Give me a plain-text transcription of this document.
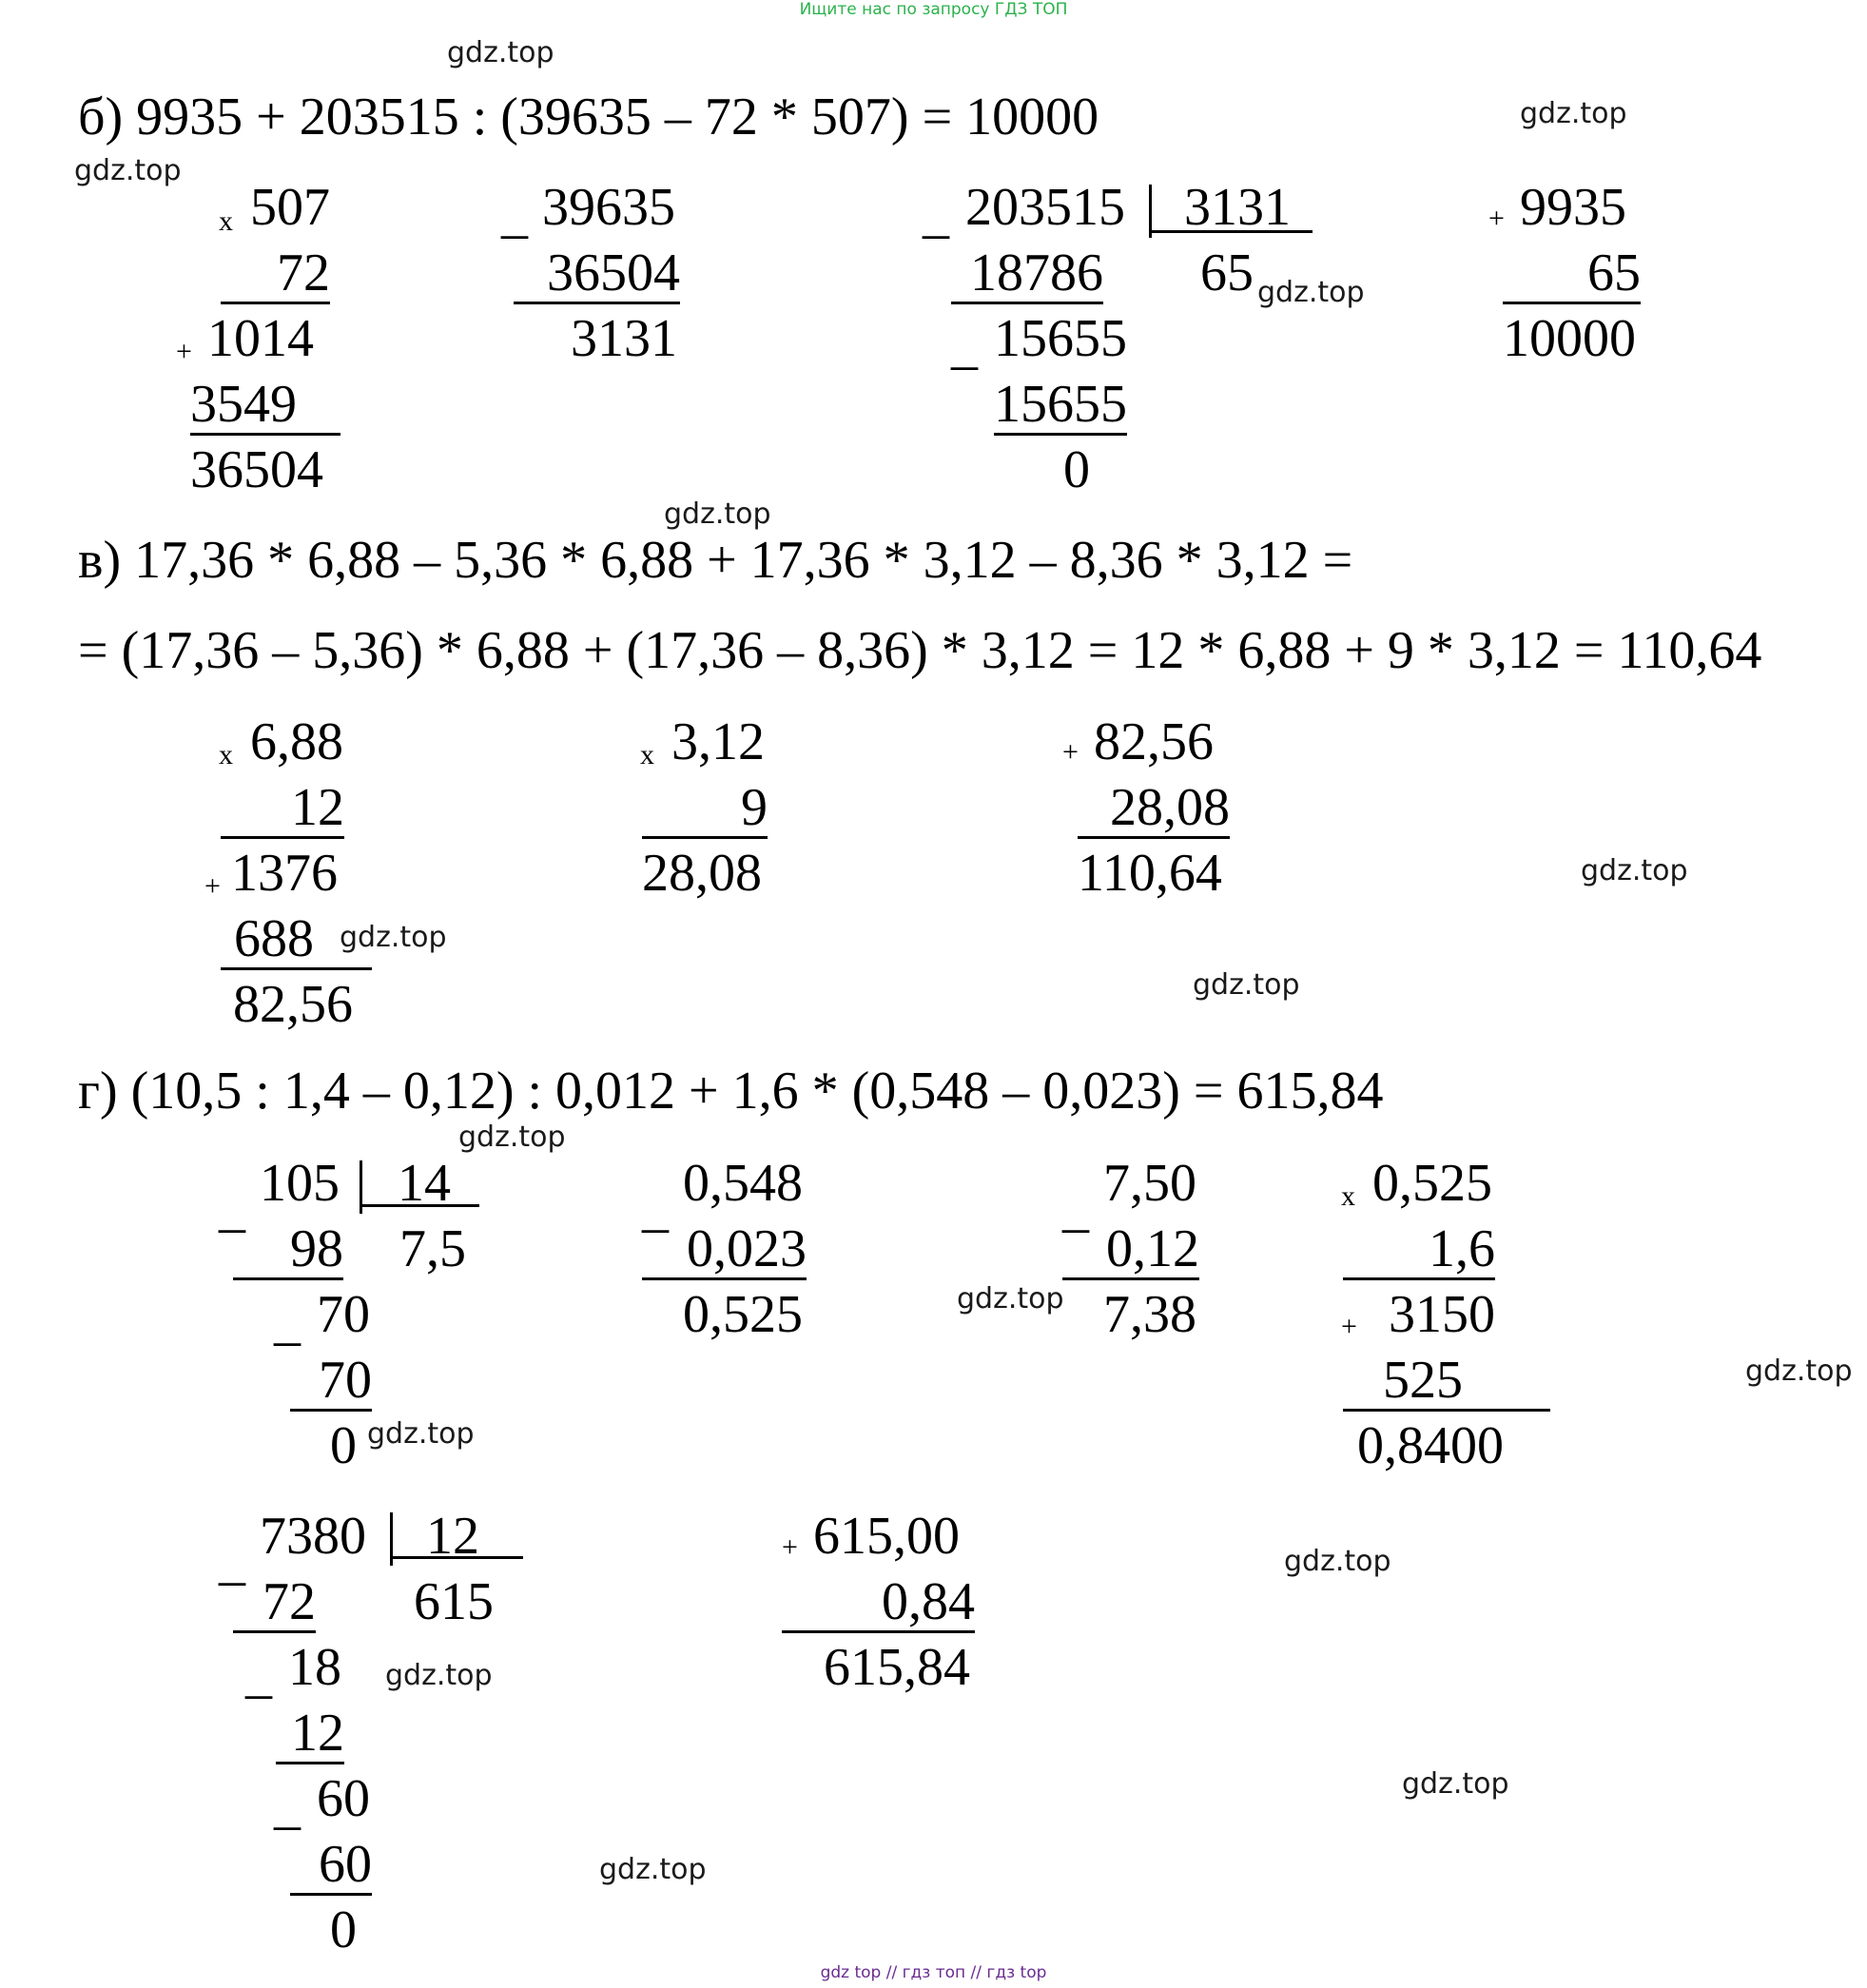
Ищите нас по запросу ГДЗ ТОП
б) 9935 + 203515 : (39635 – 72 * 507) = 10000
x 507
72
+ 1014
3549
36504
_ 39635
36504
3131
_ 203515 3131
18786 65
_ 15655
15655
0
+ 9935
65
10000
в) 17,36 * 6,88 – 5,36 * 6,88 + 17,36 * 3,12 – 8,36 * 3,12 =
= (17,36 – 5,36) * 6,88 + (17,36 – 8,36) * 3,12 = 12 * 6,88 + 9 * 3,12 = 110,64
x 6,88
12
+ 1376
688
82,56
x 3,12
9
28,08
+ 82,56
28,08
110,64
г) (10,5 : 1,4 – 0,12) : 0,012 + 1,6 * (0,548 – 0,023) = 615,84
_ 105 14
98 7,5
_ 70
70
0
_ 0,548
0,023
0,525
_ 7,50
0,12
7,38
x 0,525
1,6
+ 3150
525
0,8400
_ 7380 12
72 615
_ 18
12
_ 60
60
0
+ 615,00
0,84
615,84
gdz.top
gdz.top
gdz.top
gdz.top
gdz.top
gdz.top
gdz.top
gdz.top
gdz.top
gdz.top
gdz.top
gdz.top
gdz.top
gdz.top
gdz.top
gdz.top
gdz top // гдз топ // гдз top
